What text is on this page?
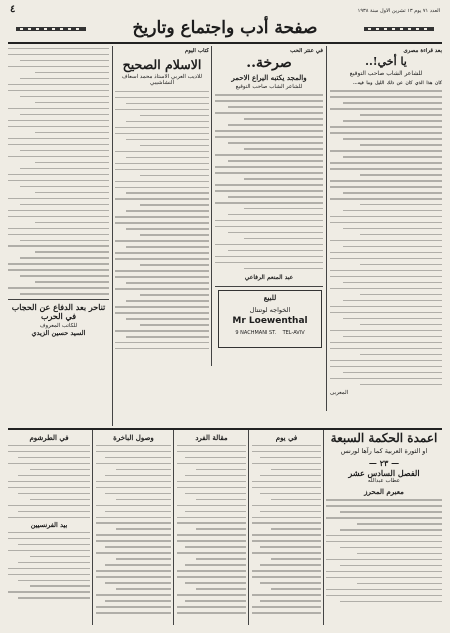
٤	العدد ٧١ يوم ١٣ تشرين الاول سنة ١٩٣٨
صفحة أدب واجتماع وتاريخ
بعد قراءة مصرى
يا أخي!..
للشاعر الشاب صاحب التوقيع
كان هذا الذي كان عن ذلك الليل وما فيه...
المعربى
في عنتر الحب
صرخة..
والمجد يكتبه اليراع الاحمر
للشاعر الشاب صاحب التوقيع
عبد المنعم الرفاعي
للبيع
الخواجه لوتنتال
Mr Loewenthal
9 NACHMANI ST. TEL-AVIV
كتاب اليوم
الاسلام الصحيح
للاديب العربي الاستاذ محمد اسعاف النشاشيبي
تناحر بعد الدفاع عن الحجاب في الحرب
للكاتب المعروف
السيد حسين الزيدي
اعمدة الحكمة السبعة
او الثورة العربية كما رآها لورنس
— ٢٣ —
الفصل السادس عشر
عطاب عبدالله
معبرم المحرز
في يوم
مقالة الفرد
وصول الباخرة
في الطرشوم
بيد الفرنسيين
